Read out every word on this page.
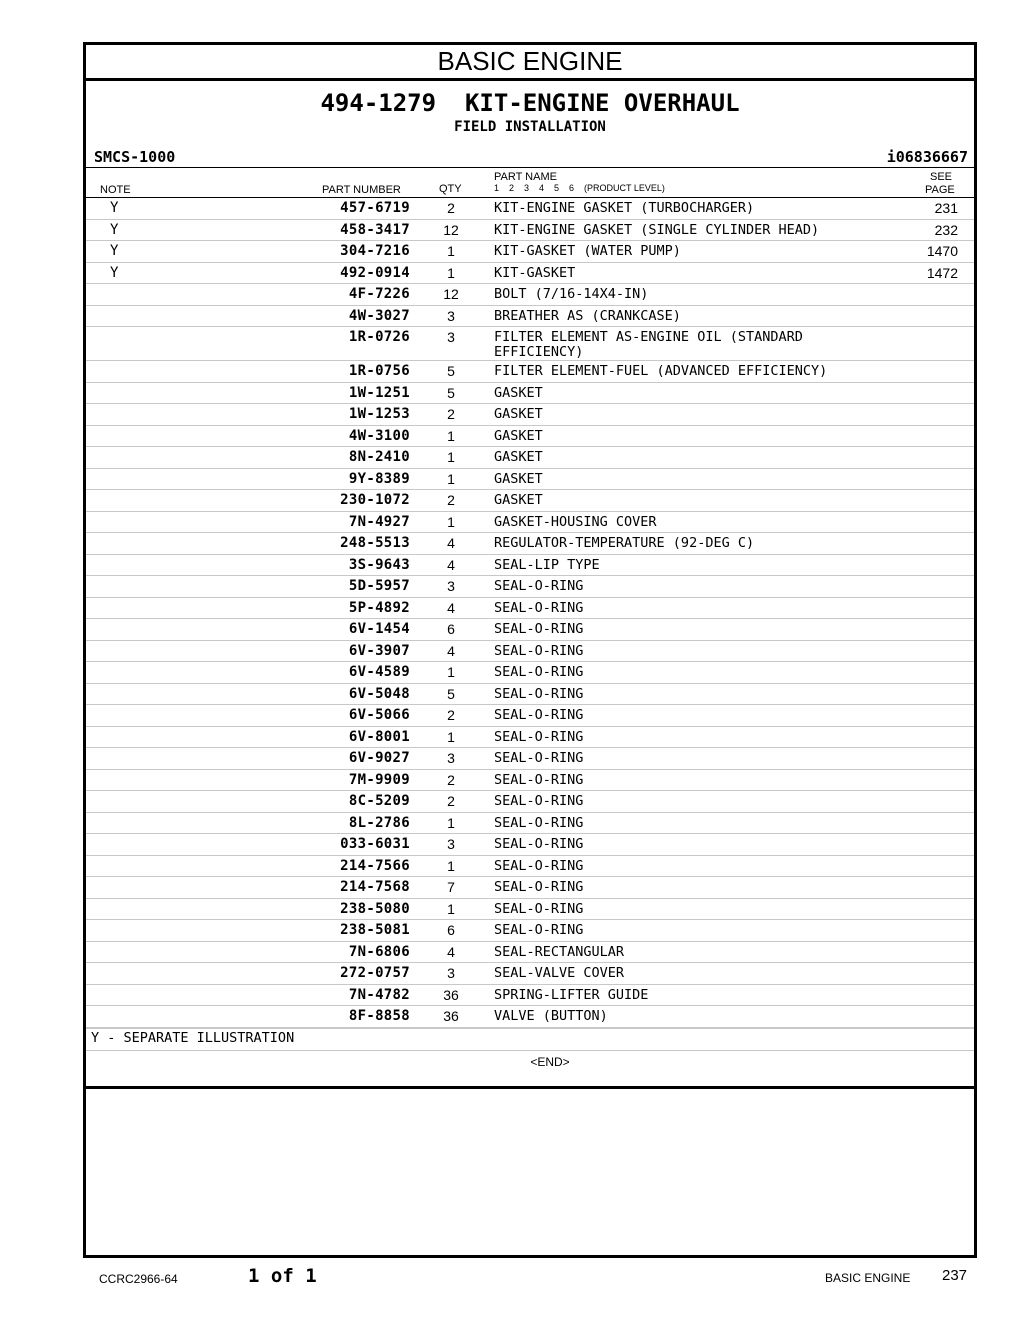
BASIC ENGINE
494-1279  KIT-ENGINE OVERHAUL
FIELD INSTALLATION
SMCS-1000	i06836667
NOTE	PART NUMBER	QTY
PART NAME
1    2    3    4    5    6    (PRODUCT LEVEL)
SEE
PAGE
Y	457-6719	2	KIT-ENGINE GASKET (TURBOCHARGER)	231
Y	458-3417	12	KIT-ENGINE GASKET (SINGLE CYLINDER HEAD)	232
Y	304-7216	1	KIT-GASKET (WATER PUMP)	1470
Y	492-0914	1	KIT-GASKET	1472
4F-7226	12	BOLT (7/16-14X4-IN)
4W-3027	3	BREATHER AS (CRANKCASE)
1R-0726	3	FILTER ELEMENT AS-ENGINE OIL (STANDARD EFFICIENCY)
1R-0756	5	FILTER ELEMENT-FUEL (ADVANCED EFFICIENCY)
1W-1251	5	GASKET
1W-1253	2	GASKET
4W-3100	1	GASKET
8N-2410	1	GASKET
9Y-8389	1	GASKET
230-1072	2	GASKET
7N-4927	1	GASKET-HOUSING COVER
248-5513	4	REGULATOR-TEMPERATURE (92-DEG C)
3S-9643	4	SEAL-LIP TYPE
5D-5957	3	SEAL-O-RING
5P-4892	4	SEAL-O-RING
6V-1454	6	SEAL-O-RING
6V-3907	4	SEAL-O-RING
6V-4589	1	SEAL-O-RING
6V-5048	5	SEAL-O-RING
6V-5066	2	SEAL-O-RING
6V-8001	1	SEAL-O-RING
6V-9027	3	SEAL-O-RING
7M-9909	2	SEAL-O-RING
8C-5209	2	SEAL-O-RING
8L-2786	1	SEAL-O-RING
033-6031	3	SEAL-O-RING
214-7566	1	SEAL-O-RING
214-7568	7	SEAL-O-RING
238-5080	1	SEAL-O-RING
238-5081	6	SEAL-O-RING
7N-6806	4	SEAL-RECTANGULAR
272-0757	3	SEAL-VALVE COVER
7N-4782	36	SPRING-LIFTER GUIDE
8F-8858	36	VALVE (BUTTON)
Y - SEPARATE ILLUSTRATION
<END>
CCRC2966-64	1 of 1	BASIC ENGINE 237
